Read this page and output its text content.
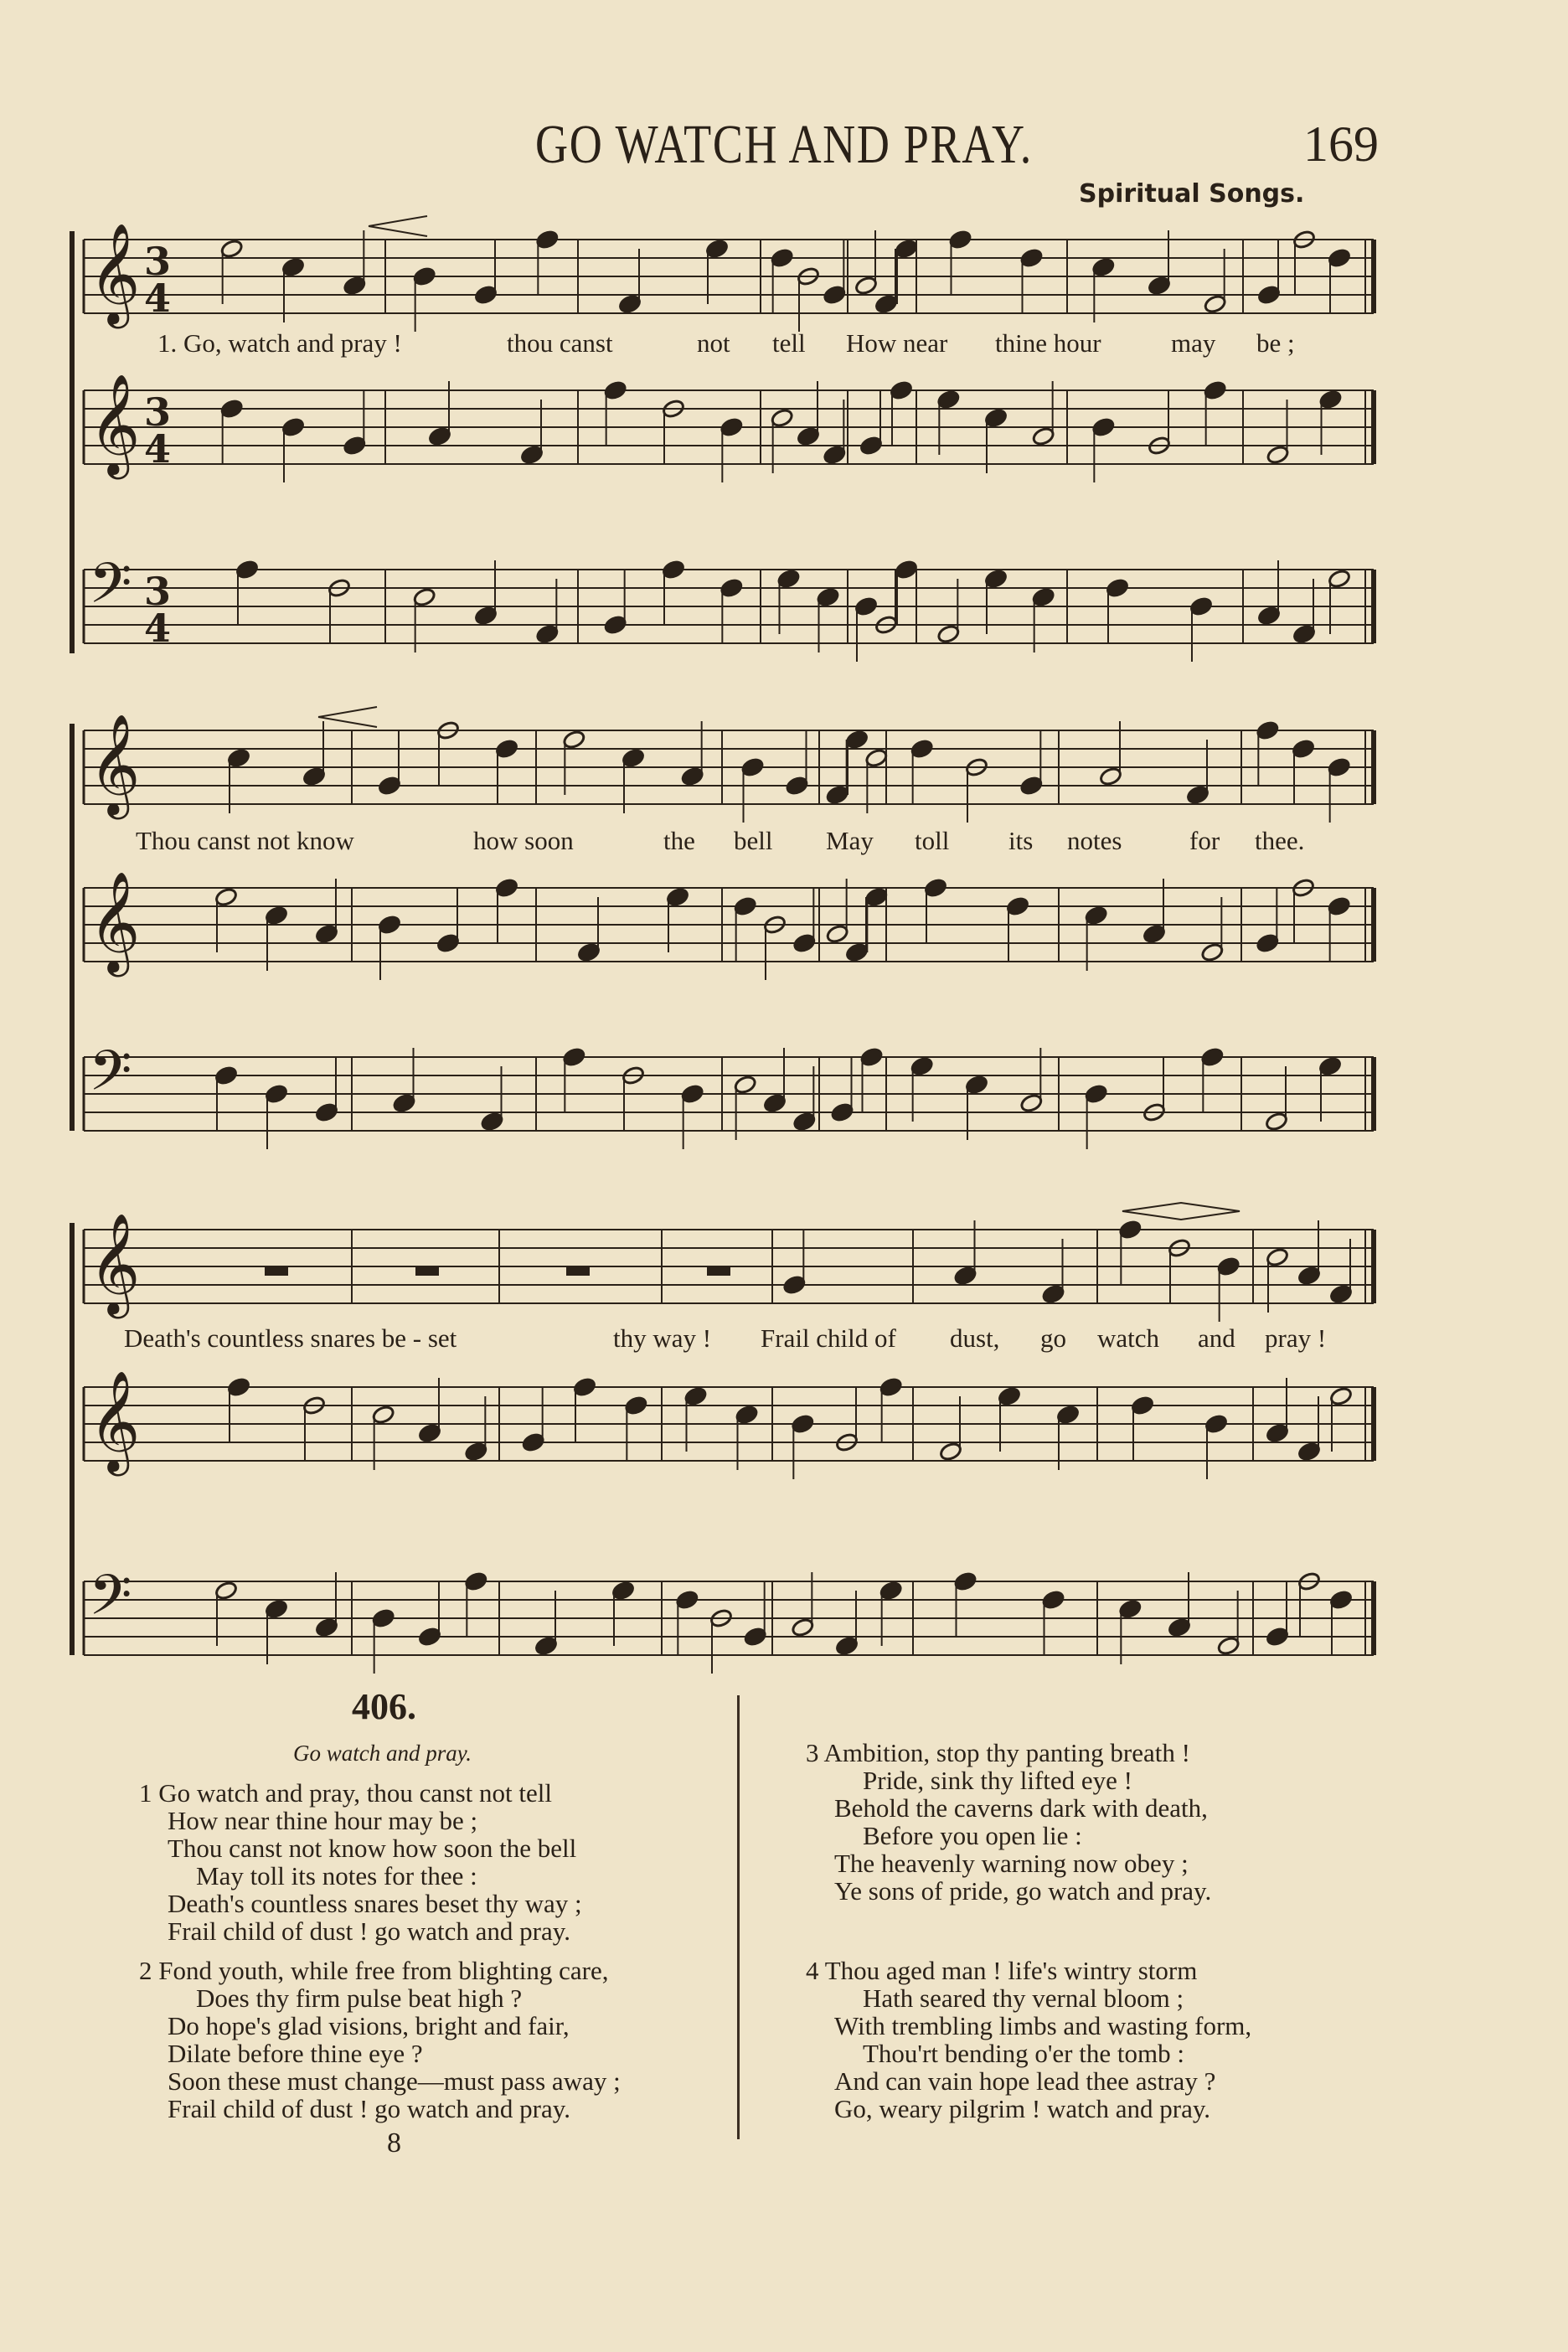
GO WATCH AND PRAY.	169
Spiritual Songs.
𝄞 3
4
𝄞 3
4
𝄢 3
4
𝄞
𝄞
𝄢
𝄞
𝄞
𝄢
1. Go, watch and pray !	thou canst	not tell How near thine hour	may be ;
Thou canst not know	how soon	the bell May toll its notes	for thee.
Death's countless snares be - set	thy way ! Frail child of dust, go watch and pray !
406.
Go watch and pray.
1 Go watch and pray, thou canst not tell
How near thine hour may be ;
Thou canst not know how soon the bell
May toll its notes for thee :
Death's countless snares beset thy way ;
Frail child of dust ! go watch and pray.
2 Fond youth, while free from blighting care,
Does thy firm pulse beat high ?
Do hope's glad visions, bright and fair,
Dilate before thine eye ?
Soon these must change—must pass away ;
Frail child of dust ! go watch and pray.
3 Ambition, stop thy panting breath !
Pride, sink thy lifted eye !
Behold the caverns dark with death,
Before you open lie :
The heavenly warning now obey ;
Ye sons of pride, go watch and pray.
4 Thou aged man ! life's wintry storm
Hath seared thy vernal bloom ;
With trembling limbs and wasting form,
Thou'rt bending o'er the tomb :
And can vain hope lead thee astray ?
Go, weary pilgrim ! watch and pray.
8
